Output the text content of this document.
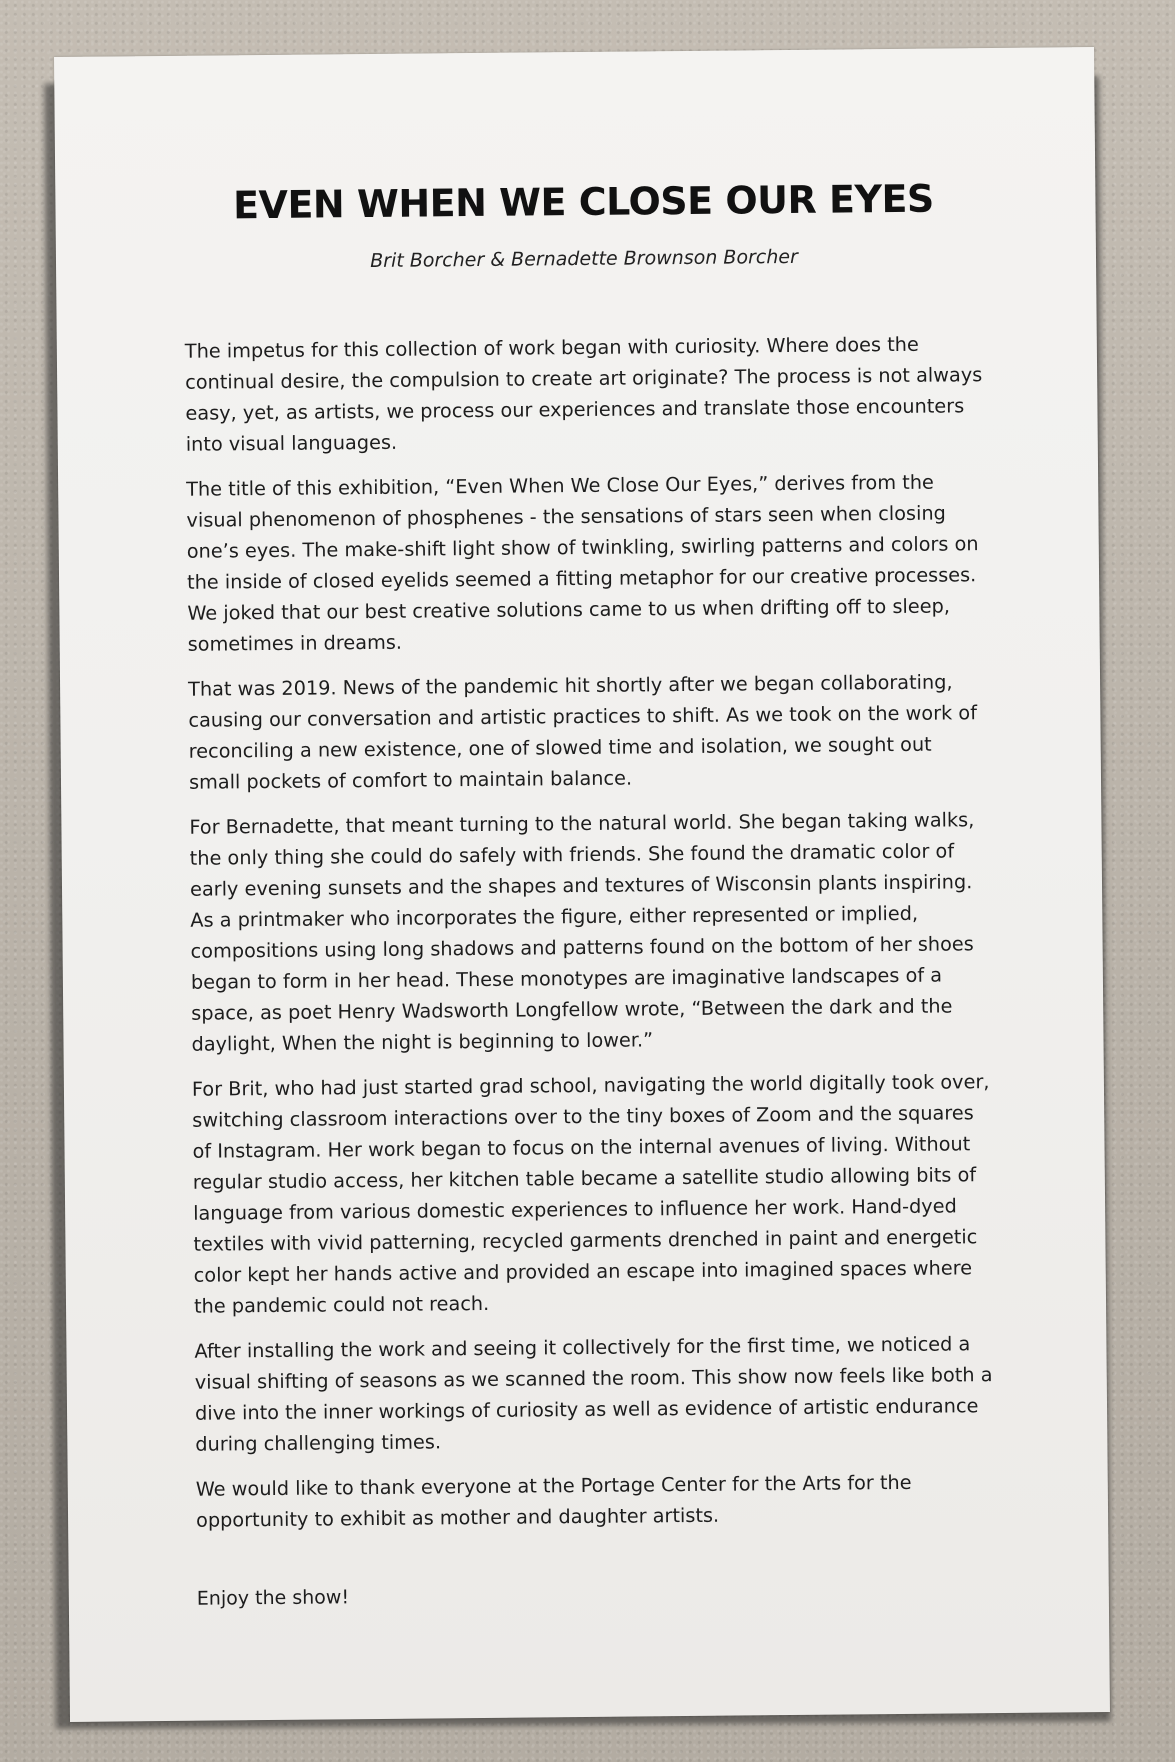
EVEN WHEN WE CLOSE OUR EYES
Brit Borcher & Bernadette Brownson Borcher

The impetus for this collection of work began with curiosity. Where does the continual desire, the compulsion to create art originate? The process is not always easy, yet, as artists, we process our experiences and translate those encounters into visual languages.

The title of this exhibition, “Even When We Close Our Eyes,” derives from the visual phenomenon of phosphenes - the sensations of stars seen when closing one’s eyes. The make-shift light show of twinkling, swirling patterns and colors on the inside of closed eyelids seemed a fitting metaphor for our creative processes. We joked that our best creative solutions came to us when drifting off to sleep, sometimes in dreams.

That was 2019. News of the pandemic hit shortly after we began collaborating, causing our conversation and artistic practices to shift. As we took on the work of reconciling a new existence, one of slowed time and isolation, we sought out small pockets of comfort to maintain balance.

For Bernadette, that meant turning to the natural world. She began taking walks, the only thing she could do safely with friends. She found the dramatic color of early evening sunsets and the shapes and textures of Wisconsin plants inspiring. As a printmaker who incorporates the figure, either represented or implied, compositions using long shadows and patterns found on the bottom of her shoes began to form in her head. These monotypes are imaginative landscapes of a space, as poet Henry Wadsworth Longfellow wrote, “Between the dark and the daylight, When the night is beginning to lower.”

For Brit, who had just started grad school, navigating the world digitally took over, switching classroom interactions over to the tiny boxes of Zoom and the squares of Instagram. Her work began to focus on the internal avenues of living. Without regular studio access, her kitchen table became a satellite studio allowing bits of language from various domestic experiences to influence her work. Hand-dyed textiles with vivid patterning, recycled garments drenched in paint and energetic color kept her hands active and provided an escape into imagined spaces where the pandemic could not reach.

After installing the work and seeing it collectively for the first time, we noticed a visual shifting of seasons as we scanned the room. This show now feels like both a dive into the inner workings of curiosity as well as evidence of artistic endurance during challenging times.

We would like to thank everyone at the Portage Center for the Arts for the opportunity to exhibit as mother and daughter artists.

Enjoy the show!
